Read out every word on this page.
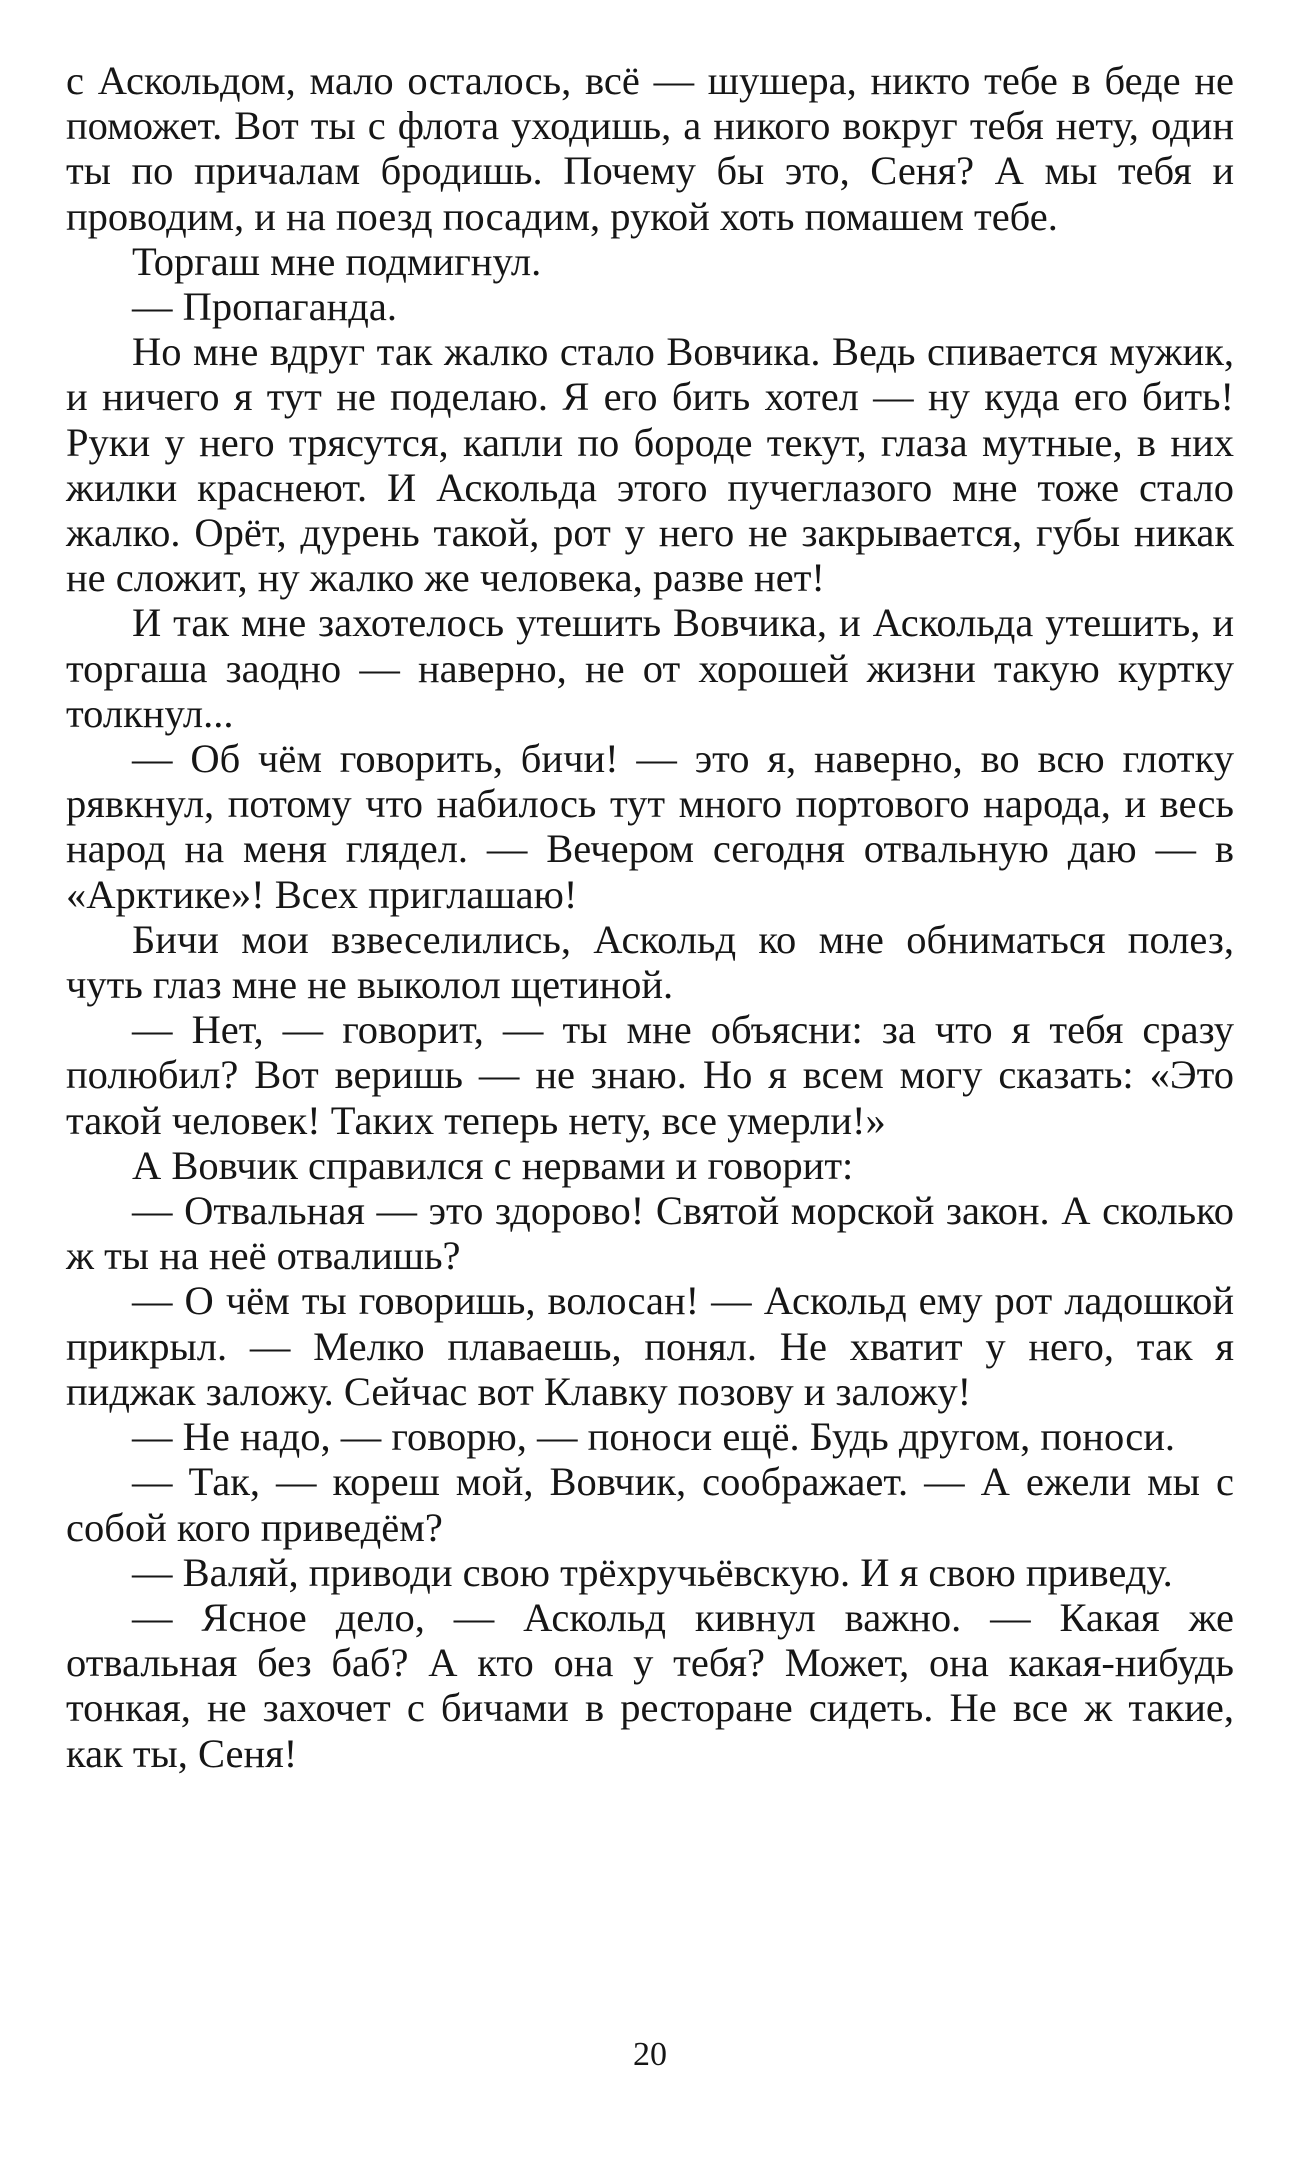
с Аскольдом, мало осталось, всё — шушера, никто тебе в беде не поможет. Вот ты с флота уходишь, а никого вокруг тебя нету, один ты по причалам бродишь. Почему бы это, Сеня? А мы тебя и проводим, и на поезд посадим, рукой хоть помашем тебе.

Торгаш мне подмигнул.

— Пропаганда.

Но мне вдруг так жалко стало Вовчика. Ведь спивается мужик, и ничего я тут не поделаю. Я его бить хотел — ну куда его бить! Руки у него трясутся, капли по бороде текут, глаза мутные, в них жилки краснеют. И Аскольда этого пучеглазого мне тоже стало жалко. Орёт, дурень такой, рот у него не закрывается, губы никак не сложит, ну жалко же человека, разве нет!

И так мне захотелось утешить Вовчика, и Аскольда утешить, и торгаша заодно — наверно, не от хорошей жизни такую куртку толкнул...

— Об чём говорить, бичи! — это я, наверно, во всю глотку рявкнул, потому что набилось тут много портового народа, и весь народ на меня глядел. — Вечером сегодня отвальную даю — в «Арктике»! Всех приглашаю!

Бичи мои взвеселились, Аскольд ко мне обниматься полез, чуть глаз мне не выколол щетиной.

— Нет, — говорит, — ты мне объясни: за что я тебя сразу полюбил? Вот веришь — не знаю. Но я всем могу сказать: «Это такой человек! Таких теперь нету, все умерли!»

А Вовчик справился с нервами и говорит:

— Отвальная — это здорово! Святой морской закон. А сколько ж ты на неё отвалишь?

— О чём ты говоришь, волосан! — Аскольд ему рот ладошкой прикрыл. — Мелко плаваешь, понял. Не хватит у него, так я пиджак заложу. Сейчас вот Клавку позову и заложу!

— Не надо, — говорю, — поноси ещё. Будь другом, поноси.

— Так, — кореш мой, Вовчик, соображает. — А ежели мы с собой кого приведём?

— Валяй, приводи свою трёхручьёвскую. И я свою приведу.

— Ясное дело, — Аскольд кивнул важно. — Какая же отвальная без баб? А кто она у тебя? Может, она какая-нибудь тонкая, не захочет с бичами в ресторане сидеть. Не все ж такие, как ты, Сеня!

20
